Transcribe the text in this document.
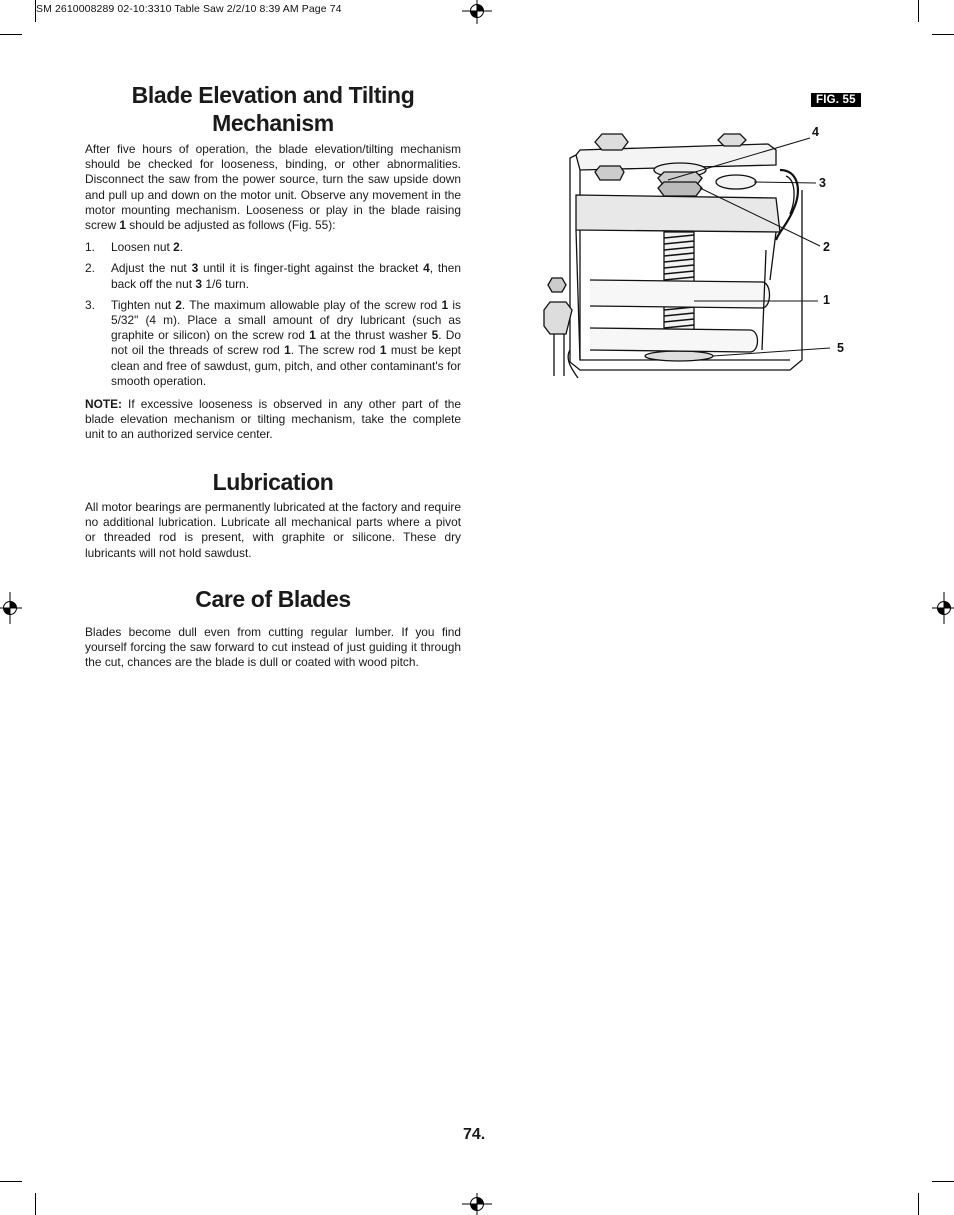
SM 2610008289 02-10:3310 Table Saw 2/2/10 8:39 AM Page 74
Blade Elevation and Tilting
Mechanism

After five hours of operation, the blade elevation/tilting mechanism should be checked for looseness, binding, or other abnormalities. Disconnect the saw from the power source, turn the saw upside down and pull up and down on the motor unit. Observe any movement in the motor mounting mechanism. Looseness or play in the blade raising screw 1 should be adjusted as follows (Fig. 55):

1. Loosen nut 2.
2. Adjust the nut 3 until it is finger-tight against the bracket 4, then back off the nut 3 1/6 turn.
3. Tighten nut 2. The maximum allowable play of the screw rod 1 is 5/32" (4 m). Place a small amount of dry lubricant (such as graphite or silicon) on the screw rod 1 at the thrust washer 5. Do not oil the threads of screw rod 1. The screw rod 1 must be kept clean and free of sawdust, gum, pitch, and other contaminant's for smooth operation.

NOTE: If excessive looseness is observed in any other part of the blade elevation mechanism or tilting mechanism, take the complete unit to an authorized service center.

Lubrication

All motor bearings are permanently lubricated at the factory and require no additional lubrication. Lubricate all mechanical parts where a pivot or threaded rod is present, with graphite or silicone. These dry lubricants will not hold sawdust.

Care of Blades

Blades become dull even from cutting regular lumber. If you find yourself forcing the saw forward to cut instead of just guiding it through the cut, chances are the blade is dull or coated with wood pitch.

FIG. 55
4
3
2
1
5
74.
